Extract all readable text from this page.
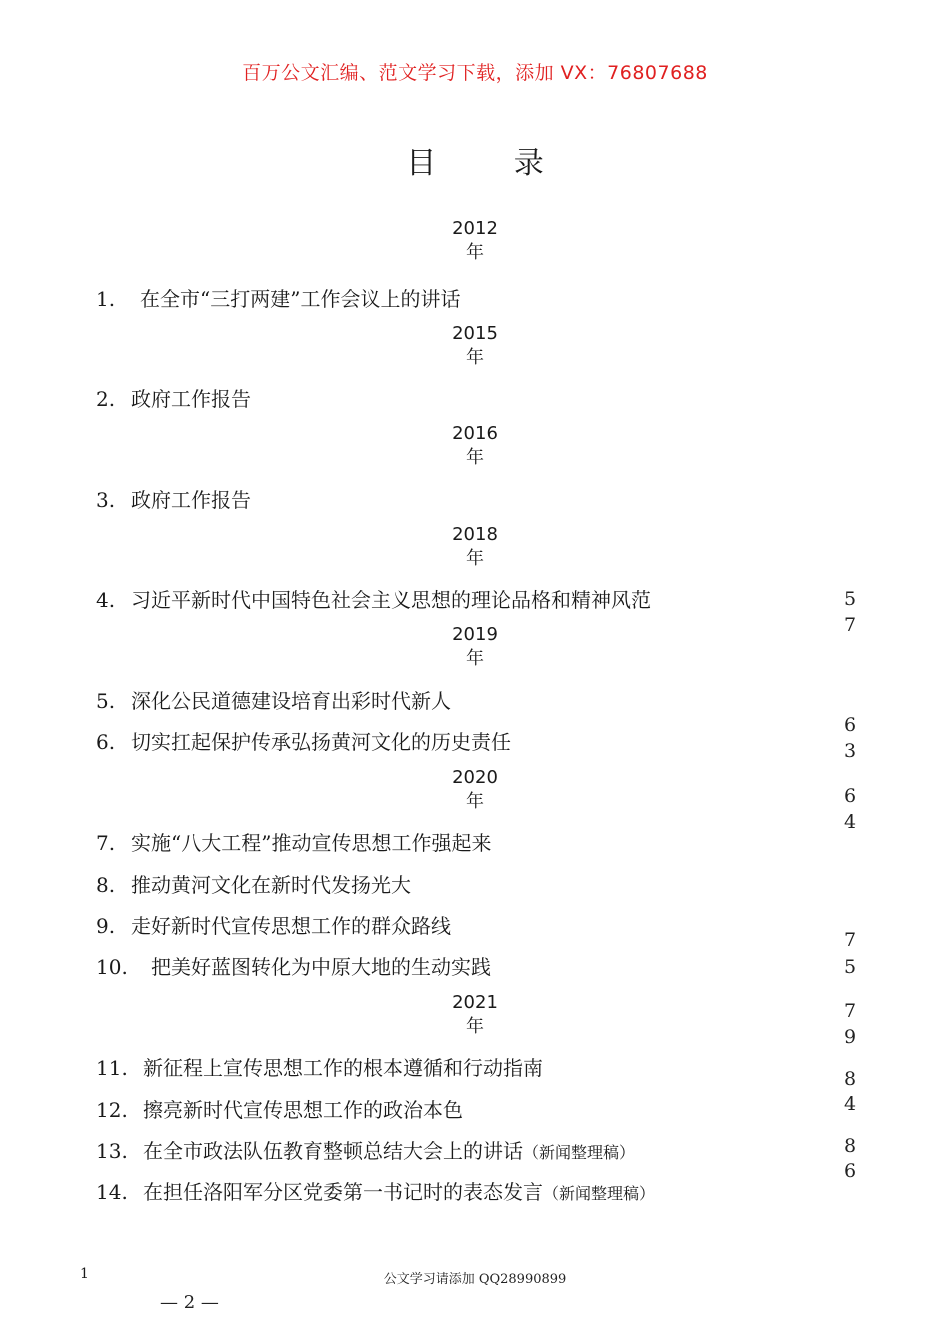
百万公文汇编、范文学习下载，添加 VX：76807688
目 录
2012
年
2015
年
2016
年
2018
年
2019
年
2020
年
2021
年
1. 在全市“三打两建”工作会议上的讲话
2. 政府工作报告
3. 政府工作报告
4. 习近平新时代中国特色社会主义思想的理论品格和精神风范
5. 深化公民道德建设培育出彩时代新人
6. 切实扛起保护传承弘扬黄河文化的历史责任
7. 实施“八大工程”推动宣传思想工作强起来
8. 推动黄河文化在新时代发扬光大
9. 走好新时代宣传思想工作的群众路线
10. 把美好蓝图转化为中原大地的生动实践
11. 新征程上宣传思想工作的根本遵循和行动指南
12. 擦亮新时代宣传思想工作的政治本色
13. 在全市政法队伍教育整顿总结大会上的讲话（新闻整理稿）
14. 在担任洛阳军分区党委第一书记时的表态发言（新闻整理稿）
5
7
6
3
6
4
7
5
7
9
8
4
8
6
1	公文学习请添加 QQ28990899
— 2 —
